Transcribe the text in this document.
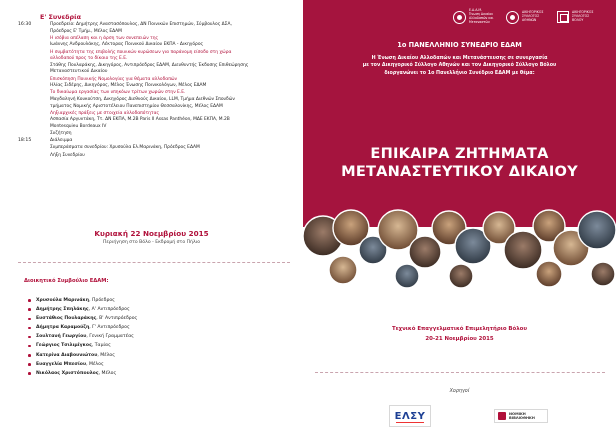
Ε' Συνεδρία
16:30	Προεδρείο: Δημήτρης Αναστασόπουλος, ΔΝ Ποινικών Επιστημών, Σύμβουλος ΔΣΑ,
Πρόεδρος Ε' Τμήμ., Μέλος ΕΔΑΜ
Η ισόβια απέλαση και η άρση των συνεπειών της
Ιωάννης Ανδρουλάκης, Λέκτορας Ποινικού Δικαίου ΕΚΠΑ - Δικηγόρος
Η συμβατότητα της επιβολής ποινικών κυρώσεων για παράνομη είσοδο στη χώρα
αλλοδαπού προς το δίκαιο της Ε.Ε.
Στάθης Πουλαράκης, Δικηγόρος, Αντιπρόεδρος ΕΔΑΜ, Διευθυντής Έκδοσης Επιθεώρησης
Μεταναστευτικού Δικαίου
Επισκόπηση Ποινικής Νομολογίας για θέματα αλλοδαπών
Ηλίας Σιδέρης, Δικηγόρος, Μέλος Ένωσης Ποινικολόγων, Μέλος ΕΔΑΜ
Το δικαίωμα εργασίας των υπηκόων τρίτων χωρών στην Ε.Ε.
Μαγδαληνή Κουκούτση, Δικηγόρος Διεθνούς Δικαίου, LLM, Τμήμα Διεθνών Σπουδών
τμήματος Νομικής Αριστοτέλειου Πανεπιστημίου Θεσσαλονίκης, Μέλος ΕΔΑΜ
Ληξιαρχικές πράξεις με στοιχεία αλλοδαπότητας
Ασπασία Αργυντάκη, Ττ. ΔΝ ΕΚΠΑ, Μ.2Β Paris II Assas Panthéon, ΜΔΕ ΕΚΠΑ, Μ.2Β
Montesquieu Bordeaux IV
Συζήτηση
18:15	Διάλειμμα
Συμπεράσματα συνεδρίου: Χρυσούλα Ελ.Μαρινάκη, Πρόεδρος ΕΔΑΜ
Λήξη Συνεδρίου
Κυριακή 22 Νοεμβρίου 2015
Περιήγηση στο Βόλο - Εκδρομή στο Πήλιο
Διοικητικό Συμβούλιο ΕΔΑΜ:
Χρυσούλα Μαρινάκη, Πρόεδρος
Δημήτρης Σπηλάκης, Α' Αντιπρόεδρος
Ευστάθιος Πουλαράκης, Β' Αντιπρόεδρος
Δήμητρα Καραμούζη, Γ' Αντιπρόεδρος
Σουλτανή Γεωργίου, Γενική Γραμματέας
Γεώργιος Τσιλιμίγκος, Ταμίας
Κατερίνα Διαβουνιώτου, Μέλος
Ευαγγελία Μπεσίου, Μέλος
Νικόλαος Χριστόπουλος, Μέλος
Ε.Δ.Α.Μ.
Ένωση Δικαίου Αλλοδαπών και Μεταναστών
ΔΙΚΗΓΟΡΙΚΟΣ
ΣΥΛΛΟΓΟΣ
ΑΘΗΝΩΝ
ΔΙΚΗΓΟΡΙΚΟΣ
ΣΥΛΛΟΓΟΣ
ΒΟΛΟΥ
1ο ΠΑΝΕΛΛΗΝΙΟ ΣΥΝΕΔΡΙΟ ΕΔΑΜ
Η Ένωση Δικαίου Αλλοδαπών και Μετανάστευσης σε συνεργασία
με τον Δικηγορικό Σύλλογο Αθηνών και τον Δικηγορικό Σύλλογο Βόλου
διοργανώνει το 1ο Πανελλήνιο Συνέδριο ΕΔΑΜ με θέμα:
ΕΠΙΚΑΙΡΑ ΖΗΤΗΜΑΤΑ
ΜΕΤΑΝΑΣΤΕΥΤΙΚΟΥ ΔΙΚΑΙΟΥ
Τεχνικό Επαγγελματικό Επιμελητήριο Βόλου
20-21 Νοεμβρίου 2015
Χορηγοί
ΕΛΣΥ	ΝΟΜΙΚΗ ΒΙΒΛΙΟΘΗΚΗ
